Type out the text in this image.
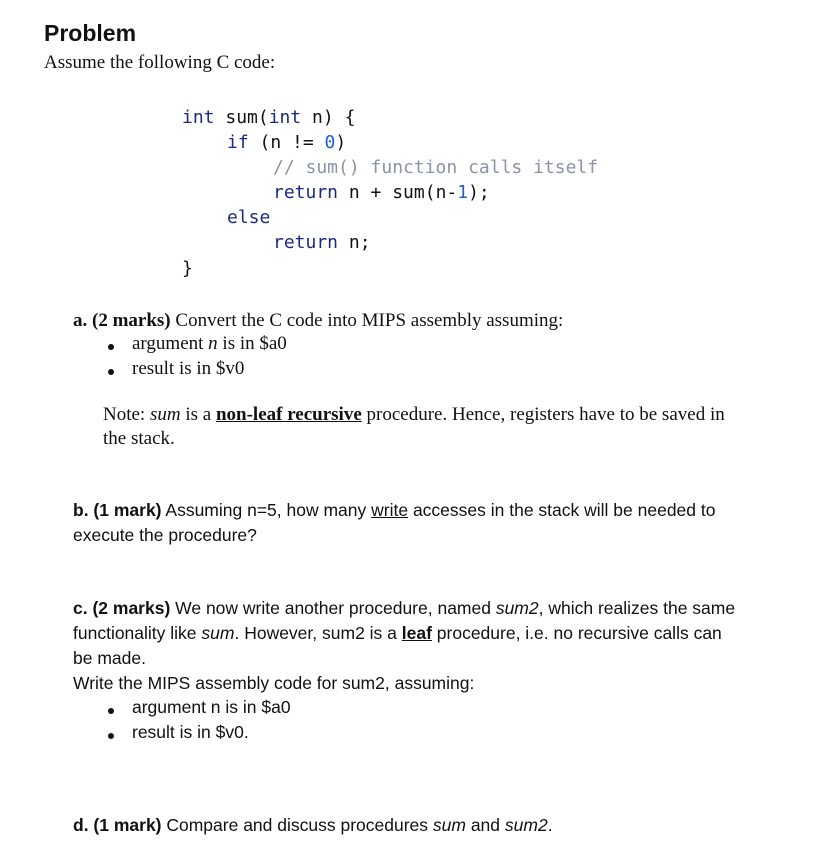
Problem
Assume the following C code:
int sum(int n) {
if (n != 0)
// sum() function calls itself
return n + sum(n-1);
else
return n;
}
a. (2 marks) Convert the C code into MIPS assembly assuming:
argument n is in $a0
result is in $v0
Note: sum is a non-leaf recursive procedure. Hence, registers have to be saved in
the stack.
b. (1 mark) Assuming n=5, how many write accesses in the stack will be needed to
execute the procedure?
c. (2 marks) We now write another procedure, named sum2, which realizes the same
functionality like sum. However, sum2 is a leaf procedure, i.e. no recursive calls can
be made.
Write the MIPS assembly code for sum2, assuming:
argument n is in $a0
result is in $v0.
d. (1 mark) Compare and discuss procedures sum and sum2.
